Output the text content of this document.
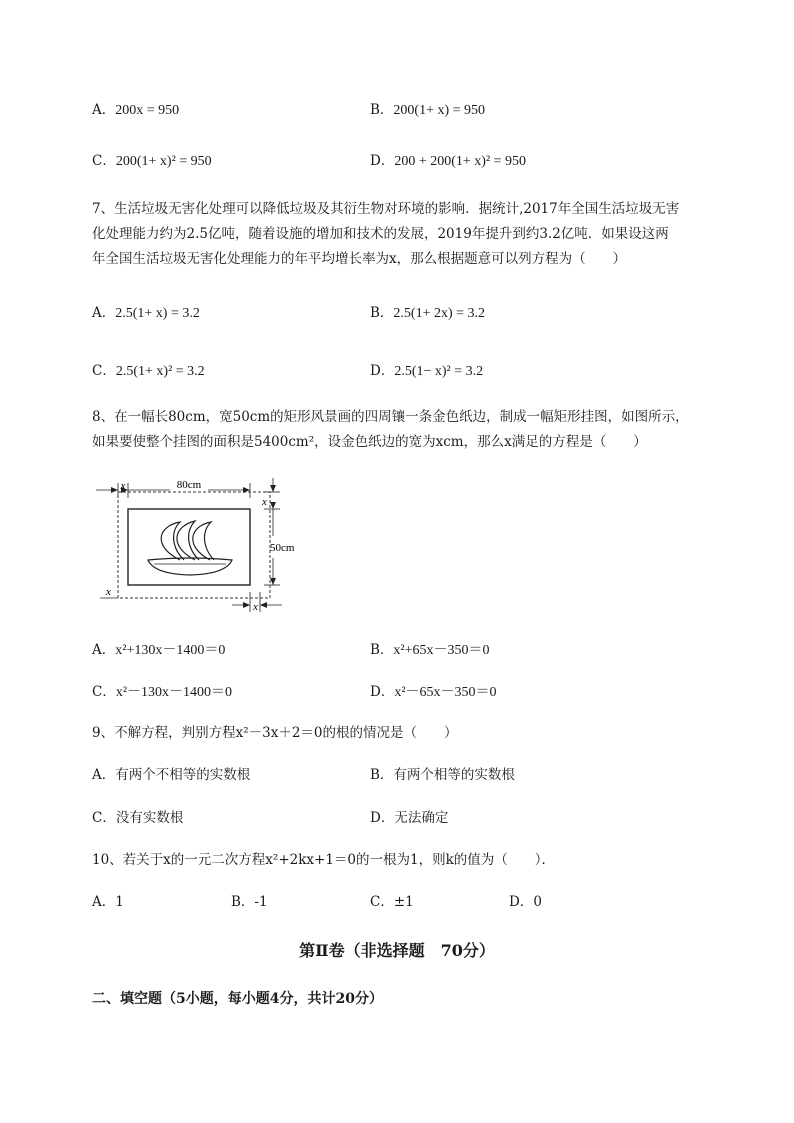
A．200x = 950	B．200(1+ x) = 950
C．200(1+ x)² = 950	D．200 + 200(1+ x)² = 950
7、生活垃圾无害化处理可以降低垃圾及其衍生物对环境的影响．据统计,2017年全国生活垃圾无害
化处理能力约为2.5亿吨，随着设施的增加和技术的发展，2019年提升到约3.2亿吨．如果设这两
年全国生活垃圾无害化处理能力的年平均增长率为x，那么根据题意可以列方程为（　　）
A．2.5(1+ x) = 3.2	B．2.5(1+ 2x) = 3.2
C．2.5(1+ x)² = 3.2	D．2.5(1− x)² = 3.2
8、在一幅长80cm，宽50cm的矩形风景画的四周镶一条金色纸边，制成一幅矩形挂图，如图所示，
如果要使整个挂图的面积是5400cm²，设金色纸边的宽为xcm，那么x满足的方程是（　　）
80cm
x
50cm
x
x
x
A．x²+130x－1400＝0	B．x²+65x－350＝0
C．x²－130x－1400＝0	D．x²－65x－350＝0
9、不解方程，判别方程x²－3x＋2＝0的根的情况是（　　）
A．有两个不相等的实数根	B．有两个相等的实数根
C．没有实数根	D．无法确定
10、若关于x的一元二次方程x²+2kx+1＝0的一根为1，则k的值为（　　）．
A．1	B．-1	C．±1	D．0
第Ⅱ卷（非选择题　70分）
二、填空题（5小题，每小题4分，共计20分）
